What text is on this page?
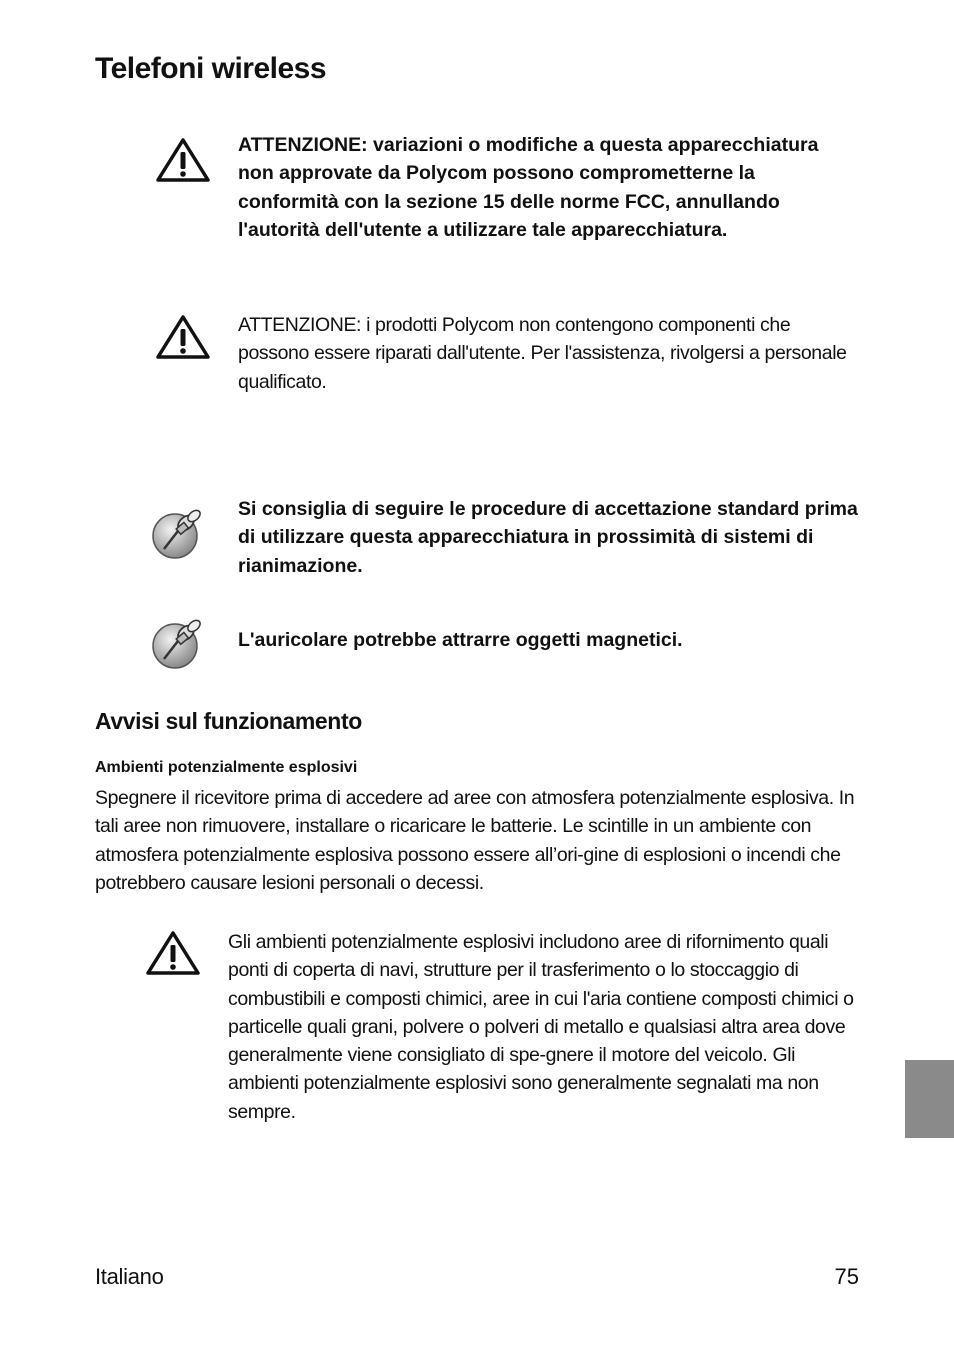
Telefoni wireless
ATTENZIONE: variazioni o modifiche a questa apparecchiatura non approvate da Polycom possono comprometterne la conformità con la sezione 15 delle norme FCC, annullando l'autorità dell'utente a utilizzare tale apparecchiatura.
ATTENZIONE: i prodotti Polycom non contengono componenti che possono essere riparati dall'utente. Per l'assistenza, rivolgersi a personale qualificato.
Si consiglia di seguire le procedure di accettazione standard prima di utilizzare questa apparecchiatura in prossimità di sistemi di rianimazione.
L'auricolare potrebbe attrarre oggetti magnetici.
Avvisi sul funzionamento
Ambienti potenzialmente esplosivi
Spegnere il ricevitore prima di accedere ad aree con atmosfera potenzialmente esplosiva. In tali aree non rimuovere, installare o ricaricare le batterie. Le scintille in un ambiente con atmosfera potenzialmente esplosiva possono essere all’ori-gine di esplosioni o incendi che potrebbero causare lesioni personali o decessi.
Gli ambienti potenzialmente esplosivi includono aree di rifornimento quali ponti di coperta di navi, strutture per il trasferimento o lo stoccaggio di combustibili e composti chimici, aree in cui l'aria contiene composti chimici o particelle quali grani, polvere o polveri di metallo e qualsiasi altra area dove generalmente viene consigliato di spe-gnere il motore del veicolo. Gli ambienti potenzialmente esplosivi sono generalmente segnalati ma non sempre.
Italiano	75
